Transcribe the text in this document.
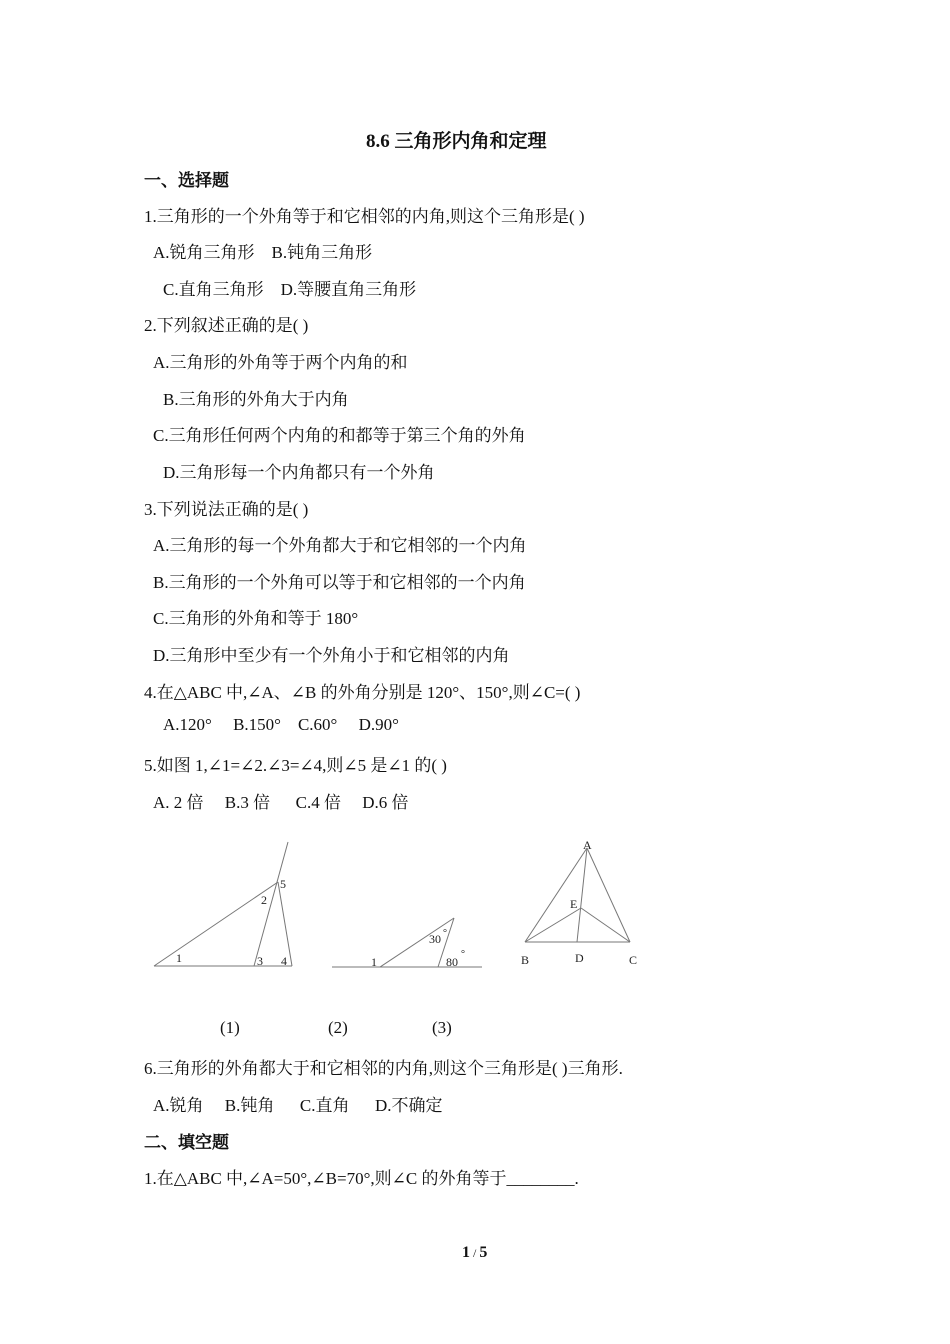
8.6 三角形内角和定理
一、选择题
1.三角形的一个外角等于和它相邻的内角,则这个三角形是( )
A.锐角三角形    B.钝角三角形
C.直角三角形    D.等腰直角三角形
2.下列叙述正确的是( )
A.三角形的外角等于两个内角的和
B.三角形的外角大于内角
C.三角形任何两个内角的和都等于第三个角的外角
D.三角形每一个内角都只有一个外角
3.下列说法正确的是( )
A.三角形的每一个外角都大于和它相邻的一个内角
B.三角形的一个外角可以等于和它相邻的一个内角
C.三角形的外角和等于 180°
D.三角形中至少有一个外角小于和它相邻的内角
4.在△ABC 中,∠A、∠B 的外角分别是 120°、150°,则∠C=( )
A.120°     B.150°    C.60°     D.90°
5.如图 1,∠1=∠2.∠3=∠4,则∠5 是∠1 的( )
A. 2 倍     B.3 倍      C.4 倍     D.6 倍
1
2
3 4
5
1
30 °
80
°
A
E
B	D	C
(1)	(2)	(3)
6.三角形的外角都大于和它相邻的内角,则这个三角形是( )三角形.
A.锐角     B.钝角      C.直角      D.不确定
二、填空题
1.在△ABC 中,∠A=50°,∠B=70°,则∠C 的外角等于________.
1 / 5
